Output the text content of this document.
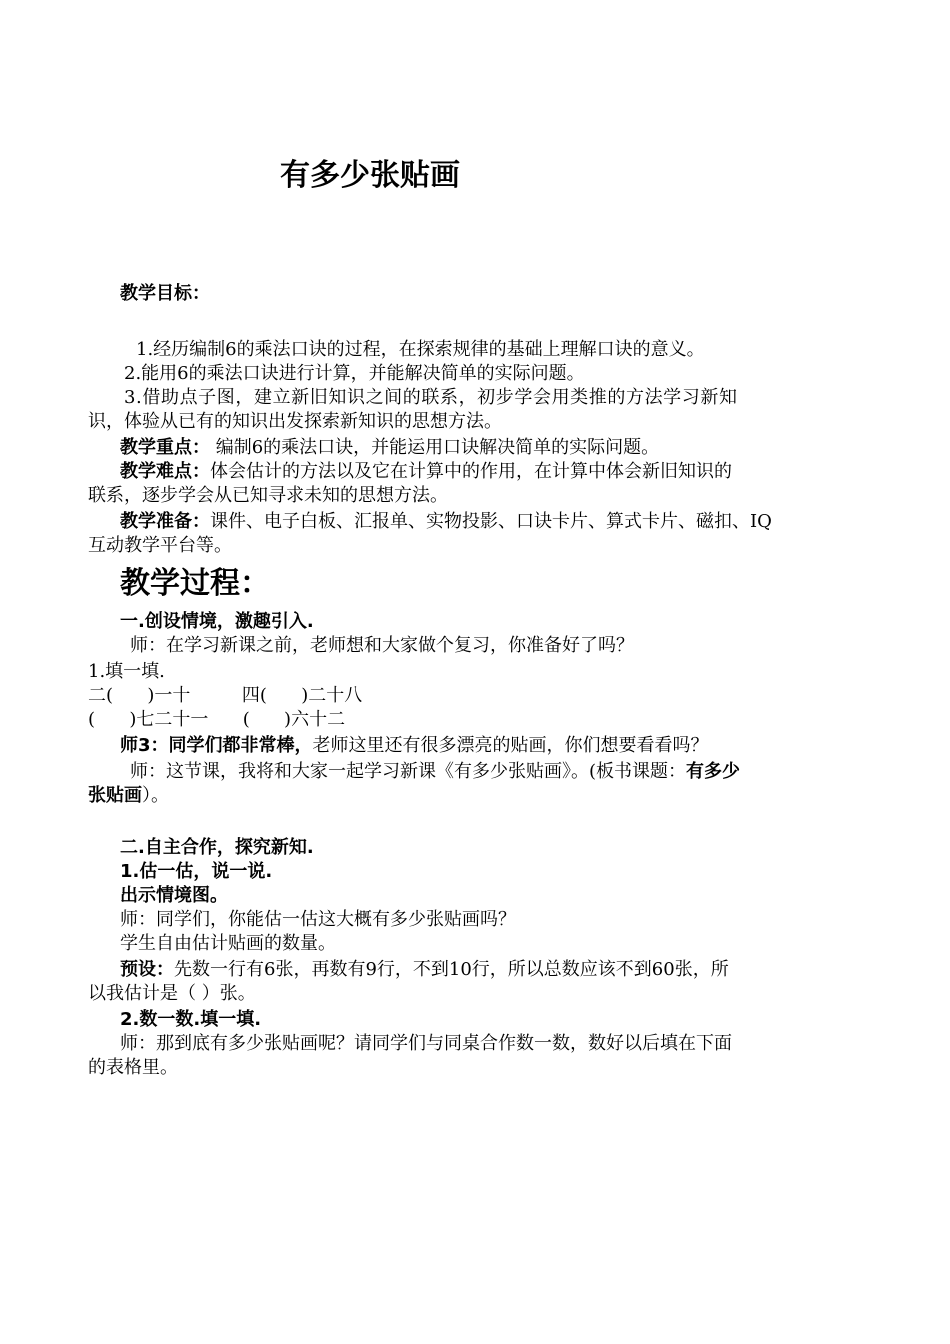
有多少张贴画
教学目标：
1.经历编制6的乘法口诀的过程，在探索规律的基础上理解口诀的意义。
2.能用6的乘法口诀进行计算，并能解决简单的实际问题。
3.借助点子图，建立新旧知识之间的联系，初步学会用类推的方法学习新知
识，体验从已有的知识出发探索新知识的思想方法。
教学重点： 编制6的乘法口诀，并能运用口诀解决简单的实际问题。
教学难点：体会估计的方法以及它在计算中的作用，在计算中体会新旧知识的
联系，逐步学会从已知寻求未知的思想方法。
教学准备：课件、电子白板、汇报单、实物投影、口诀卡片、算式卡片、磁扣、IQ
互动教学平台等。
教学过程：
一.创设情境，激趣引入.
师：在学习新课之前，老师想和大家做个复习，你准备好了吗？
1.填一填.
二(      )一十         四(      )二十八
(      )七二十一      (      )六十二
师3：同学们都非常棒，老师这里还有很多漂亮的贴画，你们想要看看吗？
师：这节课，我将和大家一起学习新课《有多少张贴画》。(板书课题：有多少
张贴画）。
二.自主合作，探究新知.
1.估一估，说一说.
出示情境图。
师：同学们，你能估一估这大概有多少张贴画吗？
学生自由估计贴画的数量。
预设：先数一行有6张，再数有9行，不到10行，所以总数应该不到60张，所
以我估计是（ ）张。
2.数一数.填一填.
师：那到底有多少张贴画呢？请同学们与同桌合作数一数，数好以后填在下面
的表格里。
